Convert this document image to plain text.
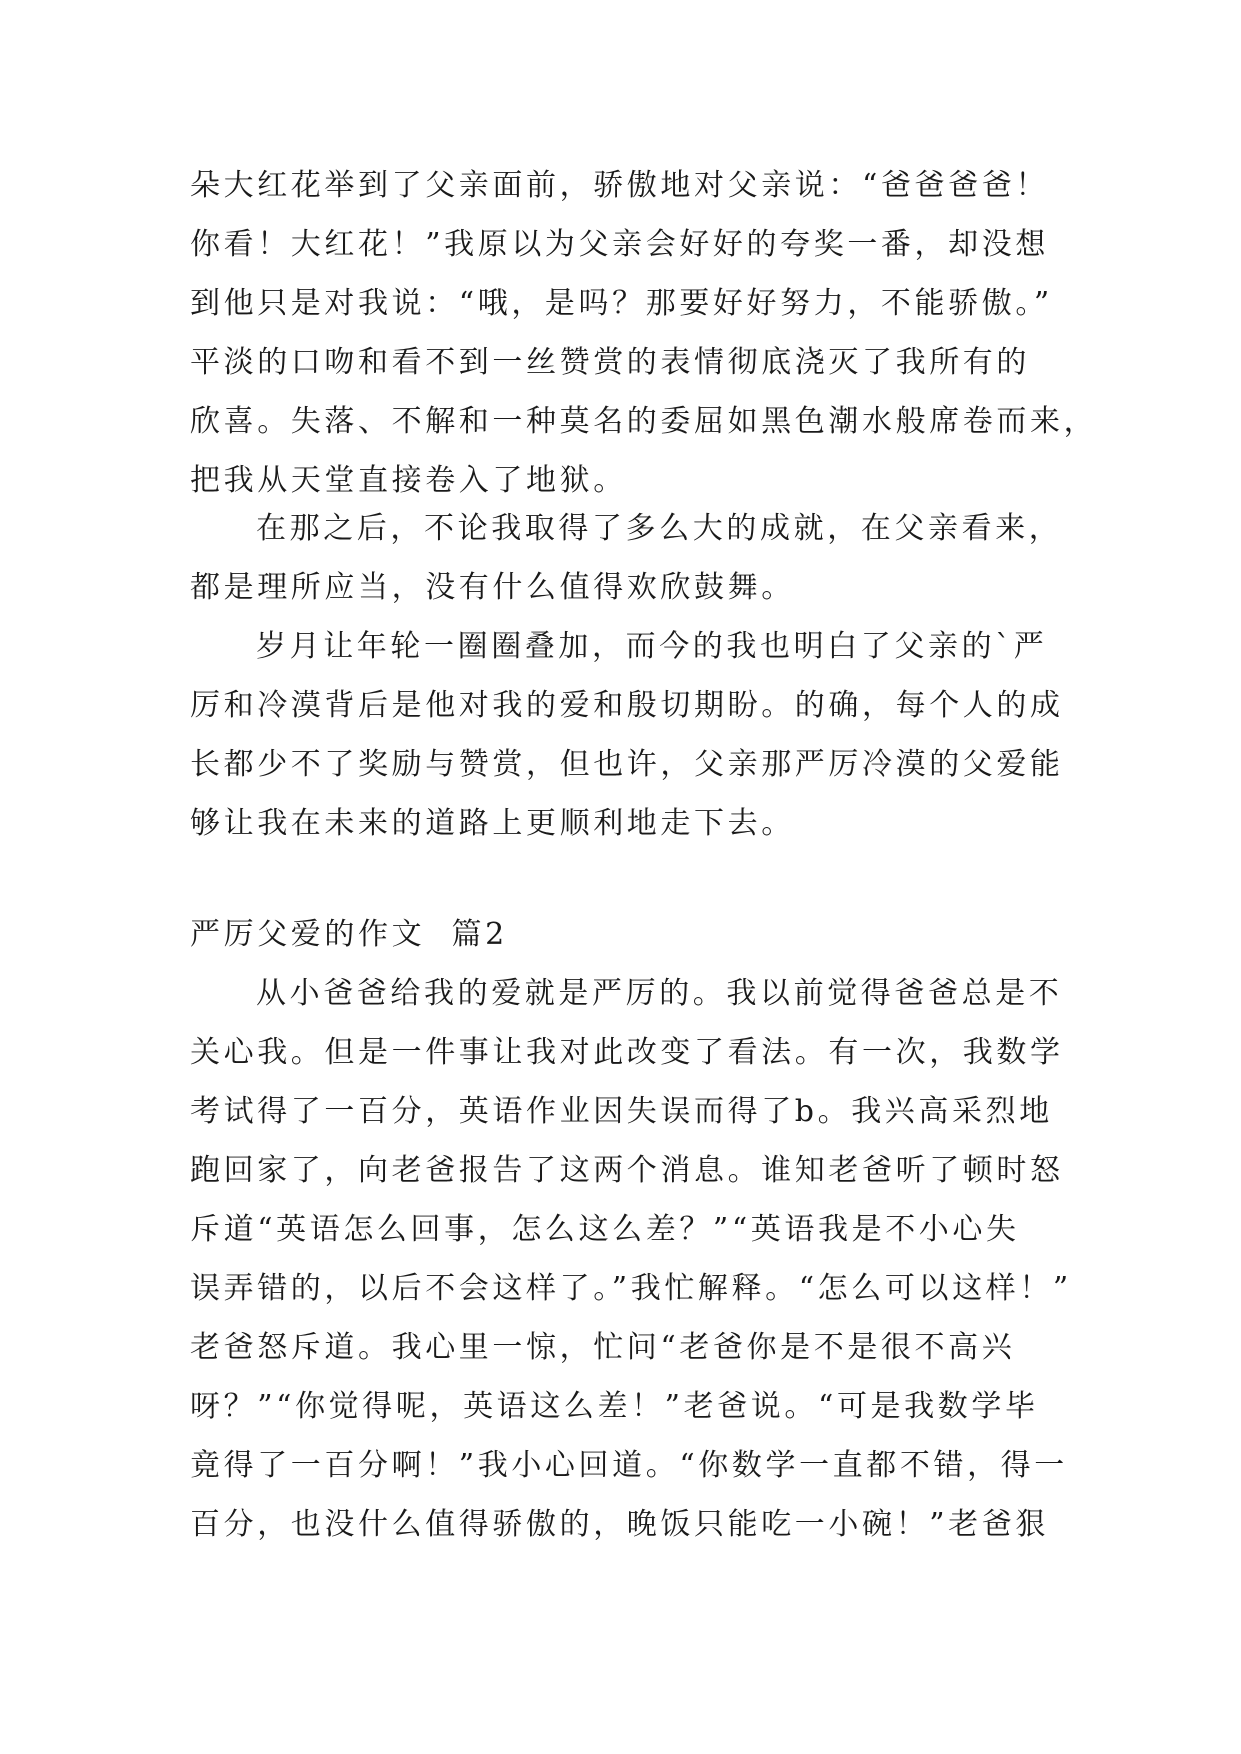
朵大红花举到了父亲面前，骄傲地对父亲说：“爸爸爸爸！
你看！大红花！”我原以为父亲会好好的夸奖一番，却没想
到他只是对我说：“哦，是吗？那要好好努力，不能骄傲。”
平淡的口吻和看不到一丝赞赏的表情彻底浇灭了我所有的
欣喜。失落、不解和一种莫名的委屈如黑色潮水般席卷而来，
把我从天堂直接卷入了地狱。
在那之后，不论我取得了多么大的成就，在父亲看来，
都是理所应当，没有什么值得欢欣鼓舞。
岁月让年轮一圈圈叠加，而今的我也明白了父亲的`严
厉和冷漠背后是他对我的爱和殷切期盼。的确，每个人的成
长都少不了奖励与赞赏，但也许，父亲那严厉冷漠的父爱能
够让我在未来的道路上更顺利地走下去。
严厉父爱的作文  篇2
从小爸爸给我的爱就是严厉的。我以前觉得爸爸总是不
关心我。但是一件事让我对此改变了看法。有一次，我数学
考试得了一百分，英语作业因失误而得了b。我兴高采烈地
跑回家了，向老爸报告了这两个消息。谁知老爸听了顿时怒
斥道“英语怎么回事，怎么这么差？”“英语我是不小心失
误弄错的，以后不会这样了。”我忙解释。“怎么可以这样！”
老爸怒斥道。我心里一惊，忙问“老爸你是不是很不高兴
呀？”“你觉得呢，英语这么差！”老爸说。“可是我数学毕
竟得了一百分啊！”我小心回道。“你数学一直都不错，得一
百分，也没什么值得骄傲的，晚饭只能吃一小碗！”老爸狠
